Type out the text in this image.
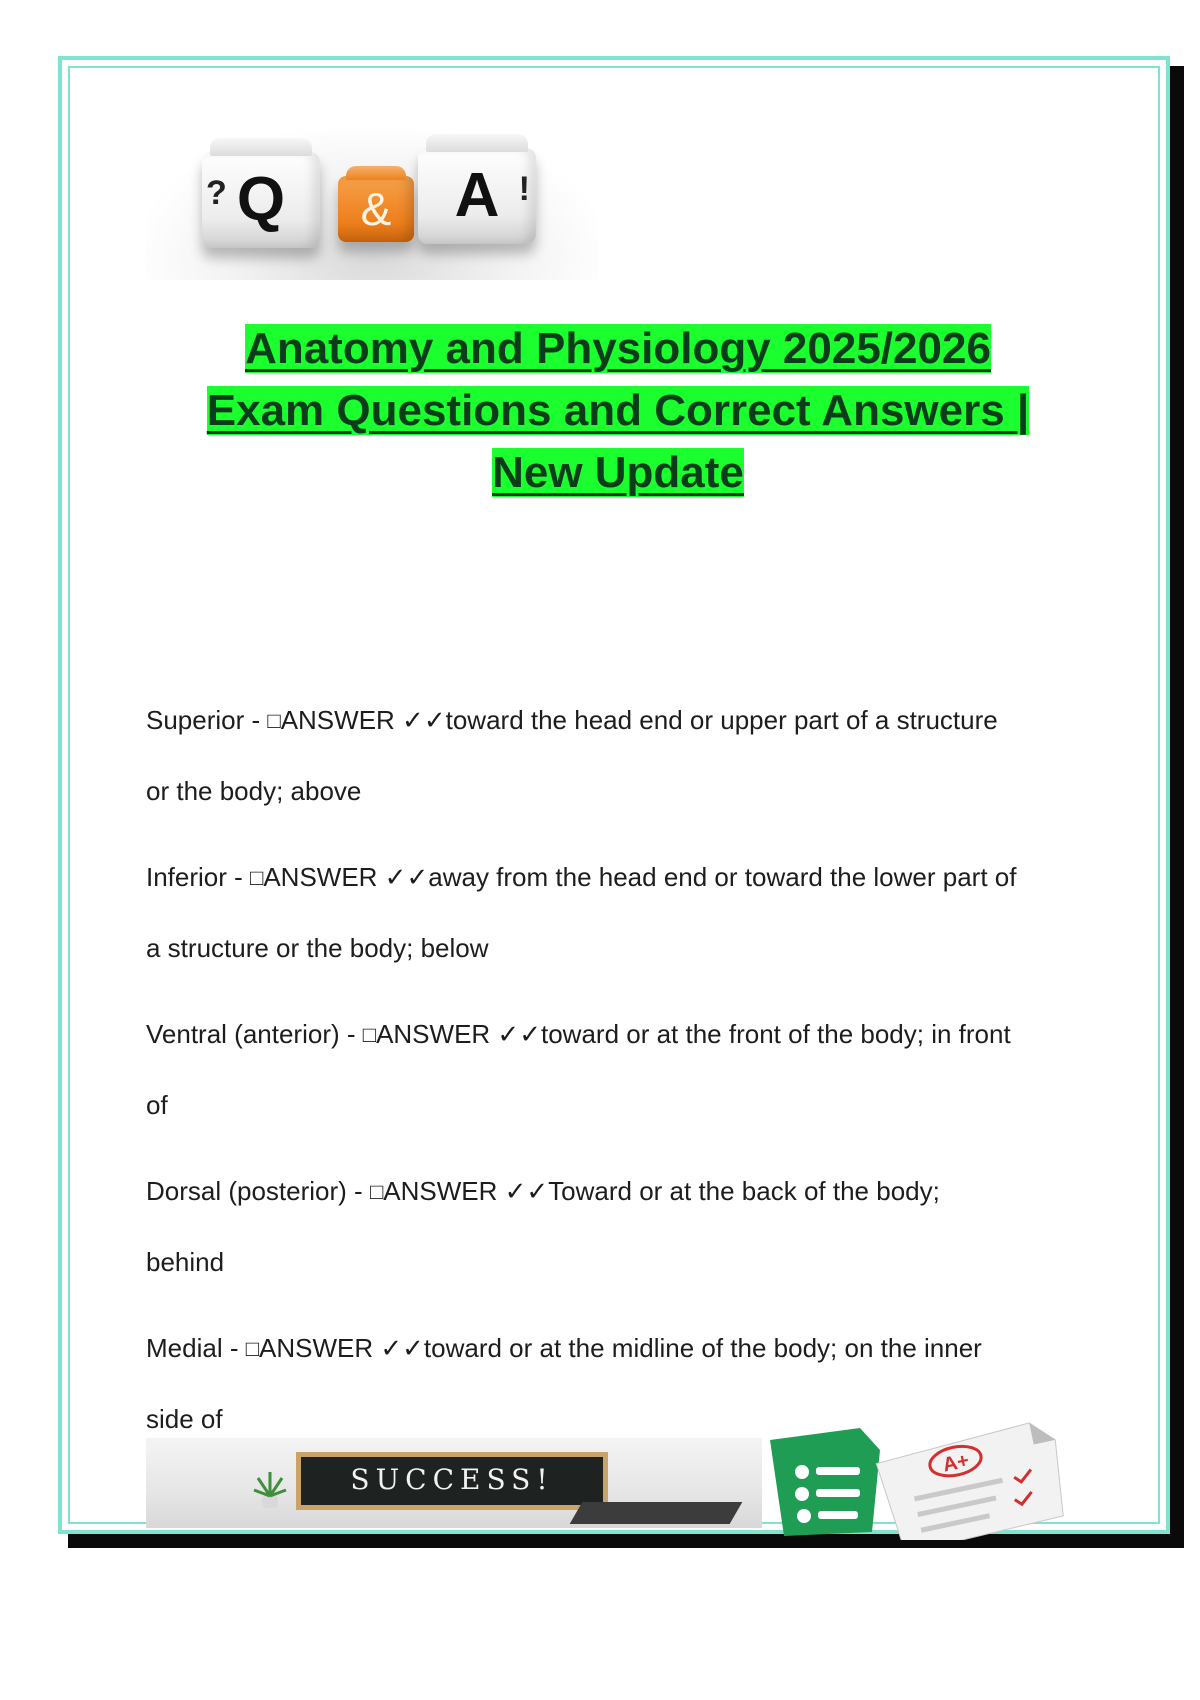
? Q	&	A !
Anatomy and Physiology 2025/2026
Exam Questions and Correct Answers |
New Update
Superior - □ANSWER ✓✓toward the head end or upper part of a structure
or the body; above
Inferior - □ANSWER ✓✓away from the head end or toward the lower part of
a structure or the body; below
Ventral (anterior) - □ANSWER ✓✓toward or at the front of the body; in front
of
Dorsal (posterior) - □ANSWER ✓✓Toward or at the back of the body;
behind
Medial - □ANSWER ✓✓toward or at the midline of the body; on the inner
side of
SUCCESS!	A+
